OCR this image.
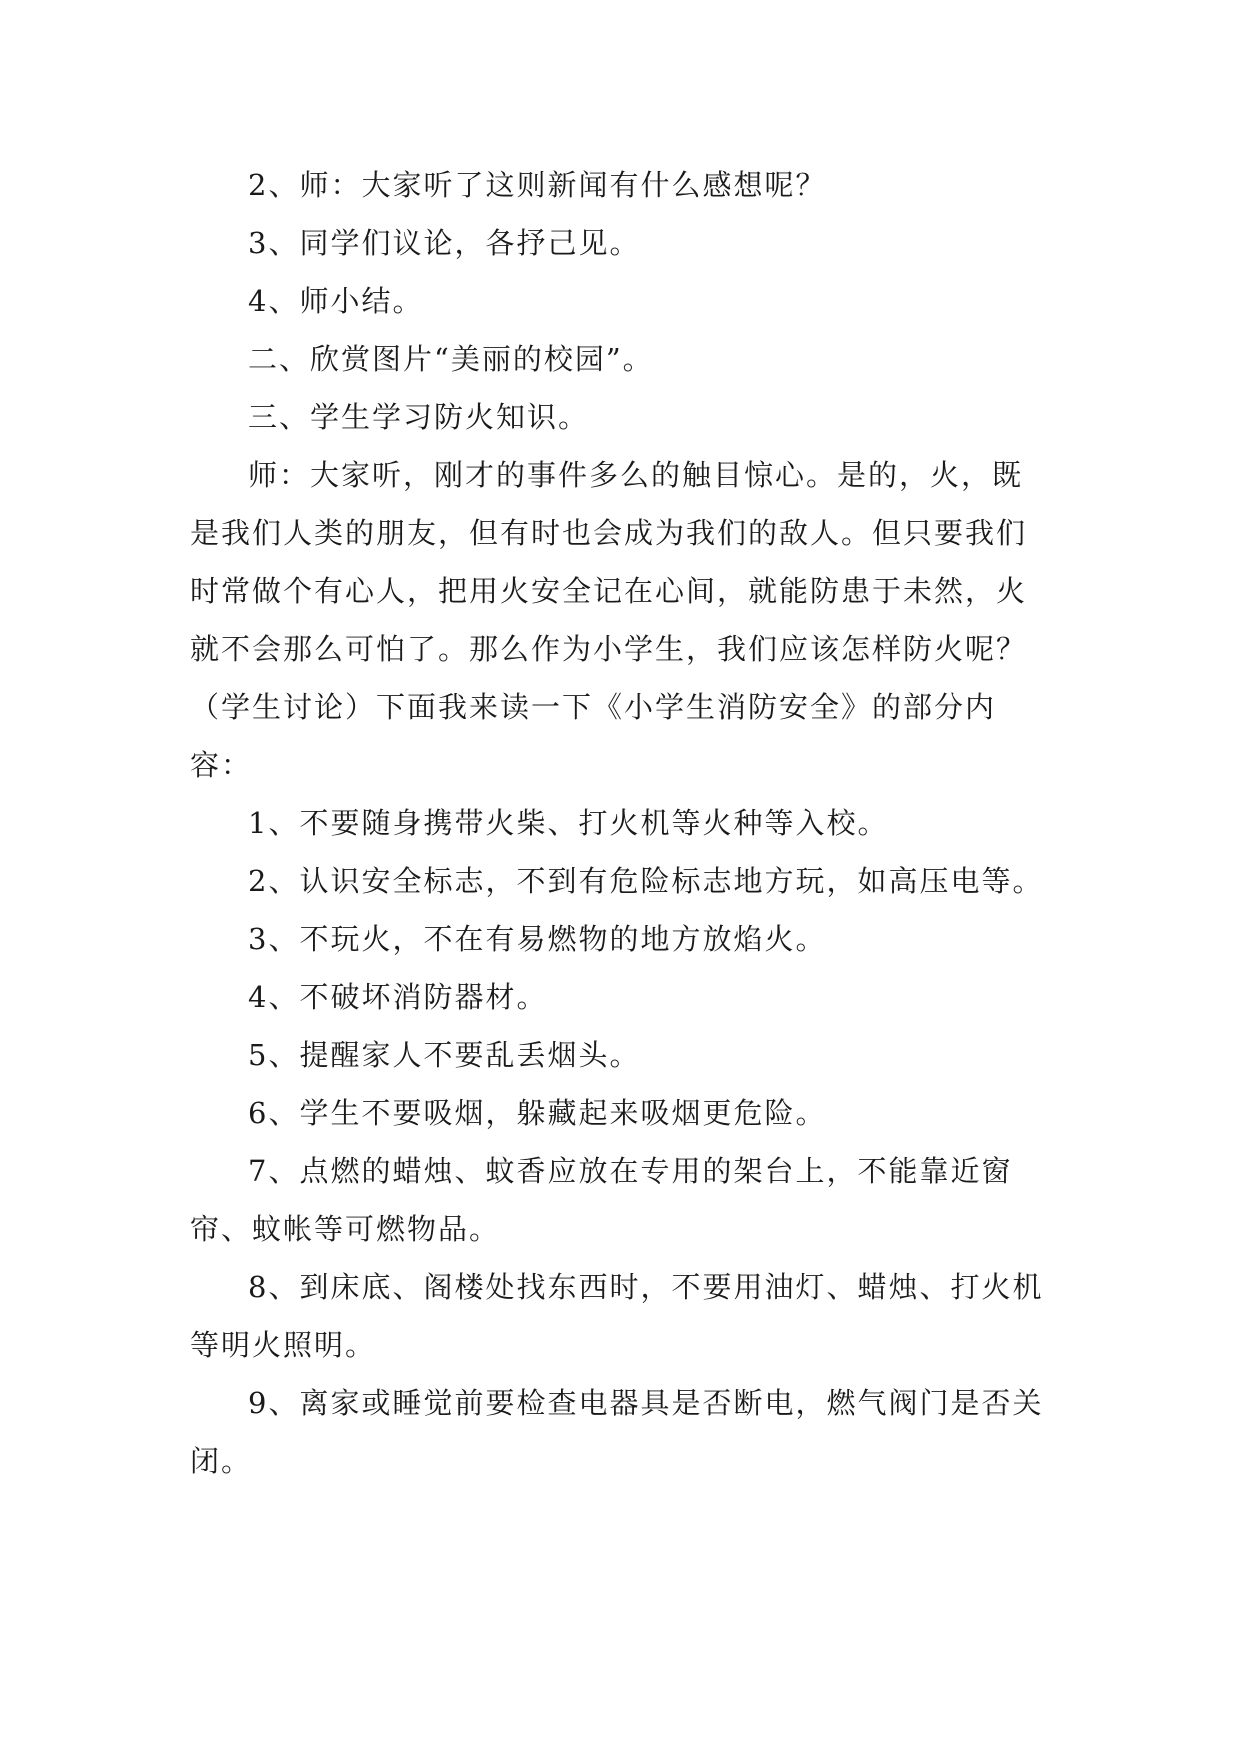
2、师：大家听了这则新闻有什么感想呢？

3、同学们议论，各抒己见。

4、师小结。

二、欣赏图片“美丽的校园”。

三、学生学习防火知识。

师：大家听，刚才的事件多么的触目惊心。是的，火，既是我们人类的朋友，但有时也会成为我们的敌人。但只要我们时常做个有心人，把用火安全记在心间，就能防患于未然，火就不会那么可怕了。那么作为小学生，我们应该怎样防火呢？（学生讨论）下面我来读一下《小学生消防安全》的部分内容：

1、不要随身携带火柴、打火机等火种等入校。

2、认识安全标志，不到有危险标志地方玩，如高压电等。

3、不玩火，不在有易燃物的地方放焰火。

4、不破坏消防器材。

5、提醒家人不要乱丢烟头。

6、学生不要吸烟，躲藏起来吸烟更危险。

7、点燃的蜡烛、蚊香应放在专用的架台上，不能靠近窗帘、蚊帐等可燃物品。

8、到床底、阁楼处找东西时，不要用油灯、蜡烛、打火机等明火照明。

9、离家或睡觉前要检查电器具是否断电，燃气阀门是否关闭。
